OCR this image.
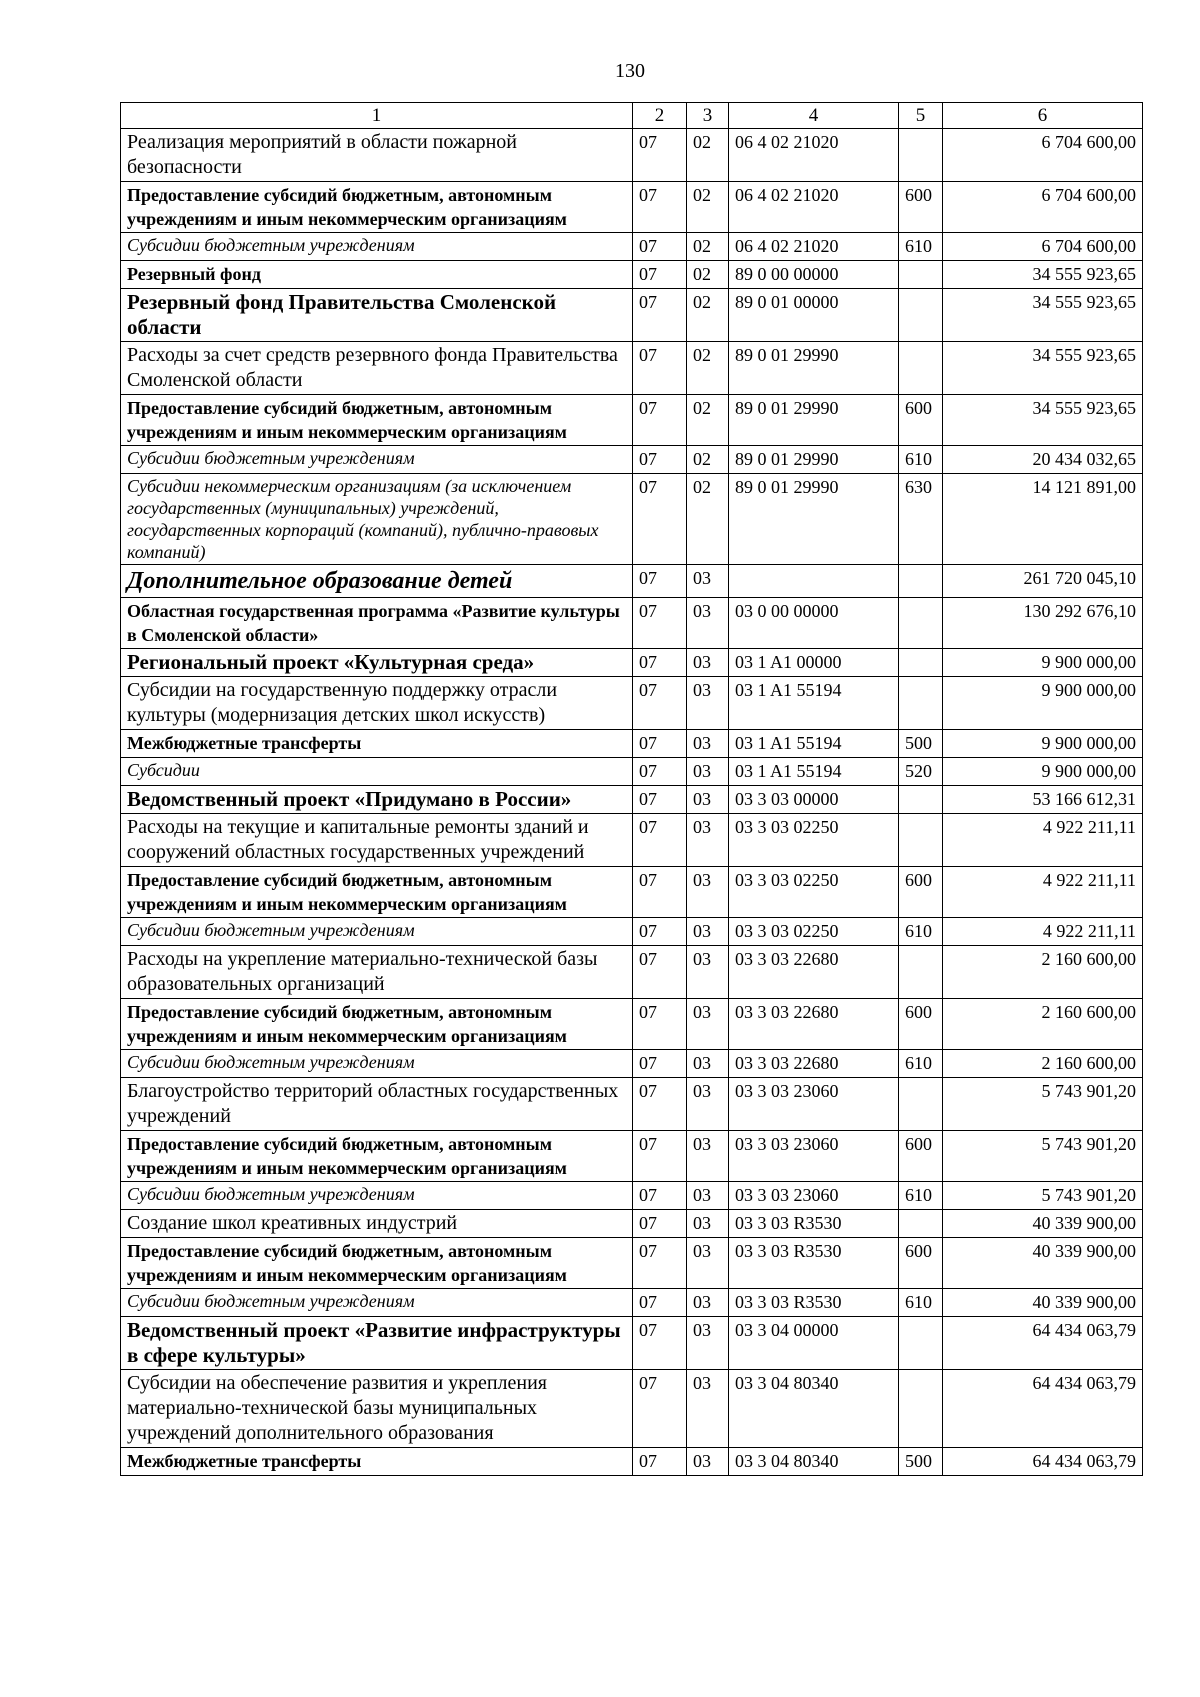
130
1	2	3	4	5	6
Реализация мероприятий в области пожарной безопасности	07	02	06 4 02 21020		6 704 600,00
Предоставление субсидий бюджетным, автономным учреждениям и иным некоммерческим организациям	07	02	06 4 02 21020	600	6 704 600,00
Субсидии бюджетным учреждениям	07	02	06 4 02 21020	610	6 704 600,00
Резервный фонд	07	02	89 0 00 00000		34 555 923,65
Резервный фонд Правительства Смоленской области	07	02	89 0 01 00000		34 555 923,65
Расходы за счет средств резервного фонда Правительства Смоленской области	07	02	89 0 01 29990		34 555 923,65
Предоставление субсидий бюджетным, автономным учреждениям и иным некоммерческим организациям	07	02	89 0 01 29990	600	34 555 923,65
Субсидии бюджетным учреждениям	07	02	89 0 01 29990	610	20 434 032,65
Субсидии некоммерческим организациям (за исключением государственных (муниципальных) учреждений, государственных корпораций (компаний), публично-правовых компаний)	07	02	89 0 01 29990	630	14 121 891,00
Дополнительное образование детей	07	03			261 720 045,10
Областная государственная программа «Развитие культуры в Смоленской области»	07	03	03 0 00 00000		130 292 676,10
Региональный проект «Культурная среда»	07	03	03 1 A1 00000		9 900 000,00
Субсидии на государственную поддержку отрасли культуры (модернизация детских школ искусств)	07	03	03 1 A1 55194		9 900 000,00
Межбюджетные трансферты	07	03	03 1 A1 55194	500	9 900 000,00
Субсидии	07	03	03 1 A1 55194	520	9 900 000,00
Ведомственный проект «Придумано в России»	07	03	03 3 03 00000		53 166 612,31
Расходы на текущие и капитальные ремонты зданий и сооружений областных государственных учреждений	07	03	03 3 03 02250		4 922 211,11
Предоставление субсидий бюджетным, автономным учреждениям и иным некоммерческим организациям	07	03	03 3 03 02250	600	4 922 211,11
Субсидии бюджетным учреждениям	07	03	03 3 03 02250	610	4 922 211,11
Расходы на укрепление материально-технической базы образовательных организаций	07	03	03 3 03 22680		2 160 600,00
Предоставление субсидий бюджетным, автономным учреждениям и иным некоммерческим организациям	07	03	03 3 03 22680	600	2 160 600,00
Субсидии бюджетным учреждениям	07	03	03 3 03 22680	610	2 160 600,00
Благоустройство территорий областных государственных учреждений	07	03	03 3 03 23060		5 743 901,20
Предоставление субсидий бюджетным, автономным учреждениям и иным некоммерческим организациям	07	03	03 3 03 23060	600	5 743 901,20
Субсидии бюджетным учреждениям	07	03	03 3 03 23060	610	5 743 901,20
Создание школ креативных индустрий	07	03	03 3 03 R3530		40 339 900,00
Предоставление субсидий бюджетным, автономным учреждениям и иным некоммерческим организациям	07	03	03 3 03 R3530	600	40 339 900,00
Субсидии бюджетным учреждениям	07	03	03 3 03 R3530	610	40 339 900,00
Ведомственный проект «Развитие инфраструктуры в сфере культуры»	07	03	03 3 04 00000		64 434 063,79
Субсидии на обеспечение развития и укрепления материально-технической базы муниципальных учреждений дополнительного образования	07	03	03 3 04 80340		64 434 063,79
Межбюджетные трансферты	07	03	03 3 04 80340	500	64 434 063,79
